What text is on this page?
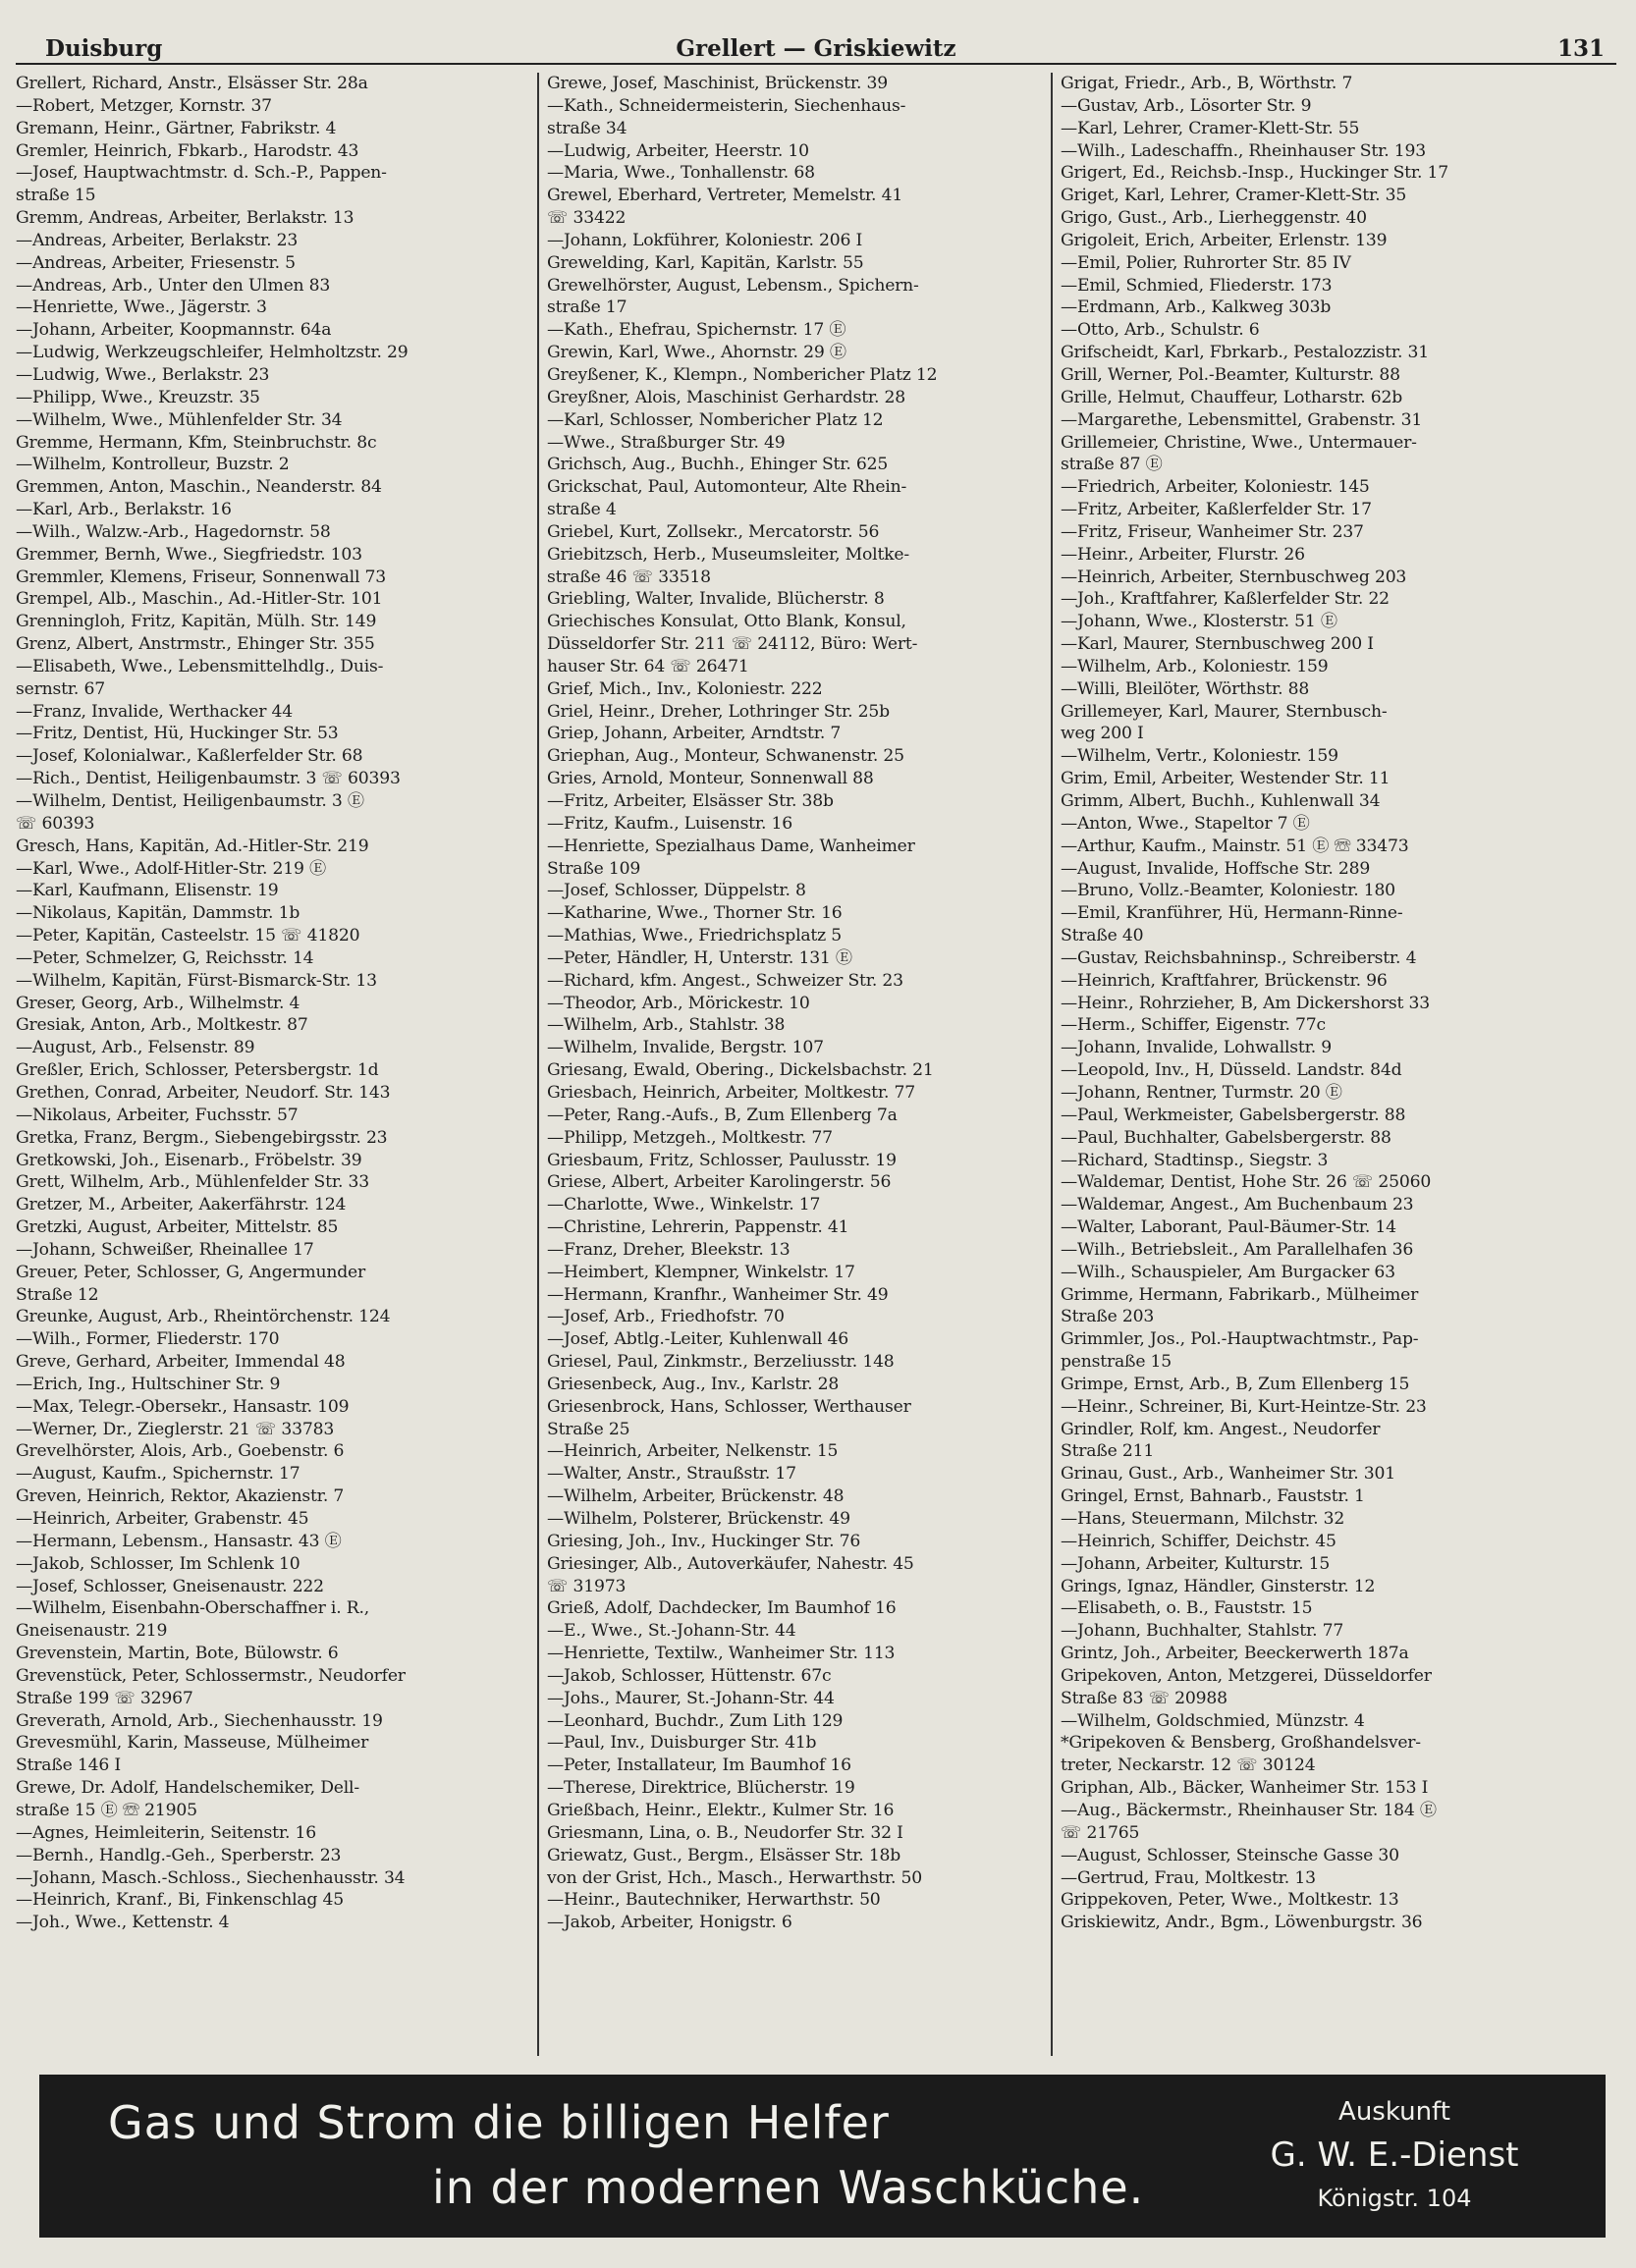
Duisburg	Grellert — Griskiewitz	131
Grellert, Richard, Anstr., Elsässer Str. 28a
—Robert, Metzger, Kornstr. 37
Gremann, Heinr., Gärtner, Fabrikstr. 4
Gremler, Heinrich, Fbkarb., Harodstr. 43
—Josef, Hauptwachtmstr. d. Sch.-P., Pappen-
straße 15
Gremm, Andreas, Arbeiter, Berlakstr. 13
—Andreas, Arbeiter, Berlakstr. 23
—Andreas, Arbeiter, Friesenstr. 5
—Andreas, Arb., Unter den Ulmen 83
—Henriette, Wwe., Jägerstr. 3
—Johann, Arbeiter, Koopmannstr. 64a
—Ludwig, Werkzeugschleifer, Helmholtzstr. 29
—Ludwig, Wwe., Berlakstr. 23
—Philipp, Wwe., Kreuzstr. 35
—Wilhelm, Wwe., Mühlenfelder Str. 34
Gremme, Hermann, Kfm, Steinbruchstr. 8c
—Wilhelm, Kontrolleur, Buzstr. 2
Gremmen, Anton, Maschin., Neanderstr. 84
—Karl, Arb., Berlakstr. 16
—Wilh., Walzw.-Arb., Hagedornstr. 58
Gremmer, Bernh, Wwe., Siegfriedstr. 103
Gremmler, Klemens, Friseur, Sonnenwall 73
Grempel, Alb., Maschin., Ad.-Hitler-Str. 101
Grenningloh, Fritz, Kapitän, Mülh. Str. 149
Grenz, Albert, Anstrmstr., Ehinger Str. 355
—Elisabeth, Wwe., Lebensmittelhdlg., Duis-
sernstr. 67
—Franz, Invalide, Werthacker 44
—Fritz, Dentist, Hü, Huckinger Str. 53
—Josef, Kolonialwar., Kaßlerfelder Str. 68
—Rich., Dentist, Heiligenbaumstr. 3 ☏ 60393
—Wilhelm, Dentist, Heiligenbaumstr. 3 Ⓔ
☏ 60393
Gresch, Hans, Kapitän, Ad.-Hitler-Str. 219
—Karl, Wwe., Adolf-Hitler-Str. 219 Ⓔ
—Karl, Kaufmann, Elisenstr. 19
—Nikolaus, Kapitän, Dammstr. 1b
—Peter, Kapitän, Casteelstr. 15 ☏ 41820
—Peter, Schmelzer, G, Reichsstr. 14
—Wilhelm, Kapitän, Fürst-Bismarck-Str. 13
Greser, Georg, Arb., Wilhelmstr. 4
Gresiak, Anton, Arb., Moltkestr. 87
—August, Arb., Felsenstr. 89
Greßler, Erich, Schlosser, Petersbergstr. 1d
Grethen, Conrad, Arbeiter, Neudorf. Str. 143
—Nikolaus, Arbeiter, Fuchsstr. 57
Gretka, Franz, Bergm., Siebengebirgsstr. 23
Gretkowski, Joh., Eisenarb., Fröbelstr. 39
Grett, Wilhelm, Arb., Mühlenfelder Str. 33
Gretzer, M., Arbeiter, Aakerfährstr. 124
Gretzki, August, Arbeiter, Mittelstr. 85
—Johann, Schweißer, Rheinallee 17
Greuer, Peter, Schlosser, G, Angermunder
Straße 12
Greunke, August, Arb., Rheintörchenstr. 124
—Wilh., Former, Fliederstr. 170
Greve, Gerhard, Arbeiter, Immendal 48
—Erich, Ing., Hultschiner Str. 9
—Max, Telegr.-Obersekr., Hansastr. 109
—Werner, Dr., Zieglerstr. 21 ☏ 33783
Grevelhörster, Alois, Arb., Goebenstr. 6
—August, Kaufm., Spichernstr. 17
Greven, Heinrich, Rektor, Akazienstr. 7
—Heinrich, Arbeiter, Grabenstr. 45
—Hermann, Lebensm., Hansastr. 43 Ⓔ
—Jakob, Schlosser, Im Schlenk 10
—Josef, Schlosser, Gneisenaustr. 222
—Wilhelm, Eisenbahn-Oberschaffner i. R.,
Gneisenaustr. 219
Grevenstein, Martin, Bote, Bülowstr. 6
Grevenstück, Peter, Schlossermstr., Neudorfer
Straße 199 ☏ 32967
Greverath, Arnold, Arb., Siechenhausstr. 19
Grevesmühl, Karin, Masseuse, Mülheimer
Straße 146 I
Grewe, Dr. Adolf, Handelschemiker, Dell-
straße 15 Ⓔ ☏ 21905
—Agnes, Heimleiterin, Seitenstr. 16
—Bernh., Handlg.-Geh., Sperberstr. 23
—Johann, Masch.-Schloss., Siechenhausstr. 34
—Heinrich, Kranf., Bi, Finkenschlag 45
—Joh., Wwe., Kettenstr. 4
Grewe, Josef, Maschinist, Brückenstr. 39
—Kath., Schneidermeisterin, Siechenhaus-
straße 34
—Ludwig, Arbeiter, Heerstr. 10
—Maria, Wwe., Tonhallenstr. 68
Grewel, Eberhard, Vertreter, Memelstr. 41
☏ 33422
—Johann, Lokführer, Koloniestr. 206 I
Grewelding, Karl, Kapitän, Karlstr. 55
Grewelhörster, August, Lebensm., Spichern-
straße 17
—Kath., Ehefrau, Spichernstr. 17 Ⓔ
Grewin, Karl, Wwe., Ahornstr. 29 Ⓔ
Greyßener, K., Klempn., Nombericher Platz 12
Greyßner, Alois, Maschinist Gerhardstr. 28
—Karl, Schlosser, Nombericher Platz 12
—Wwe., Straßburger Str. 49
Grichsch, Aug., Buchh., Ehinger Str. 625
Grickschat, Paul, Automonteur, Alte Rhein-
straße 4
Griebel, Kurt, Zollsekr., Mercatorstr. 56
Griebitzsch, Herb., Museumsleiter, Moltke-
straße 46 ☏ 33518
Griebling, Walter, Invalide, Blücherstr. 8
Griechisches Konsulat, Otto Blank, Konsul,
Düsseldorfer Str. 211 ☏ 24112, Büro: Wert-
hauser Str. 64 ☏ 26471
Grief, Mich., Inv., Koloniestr. 222
Griel, Heinr., Dreher, Lothringer Str. 25b
Griep, Johann, Arbeiter, Arndtstr. 7
Griephan, Aug., Monteur, Schwanenstr. 25
Gries, Arnold, Monteur, Sonnenwall 88
—Fritz, Arbeiter, Elsässer Str. 38b
—Fritz, Kaufm., Luisenstr. 16
—Henriette, Spezialhaus Dame, Wanheimer
Straße 109
—Josef, Schlosser, Düppelstr. 8
—Katharine, Wwe., Thorner Str. 16
—Mathias, Wwe., Friedrichsplatz 5
—Peter, Händler, H, Unterstr. 131 Ⓔ
—Richard, kfm. Angest., Schweizer Str. 23
—Theodor, Arb., Mörickestr. 10
—Wilhelm, Arb., Stahlstr. 38
—Wilhelm, Invalide, Bergstr. 107
Griesang, Ewald, Obering., Dickelsbachstr. 21
Griesbach, Heinrich, Arbeiter, Moltkestr. 77
—Peter, Rang.-Aufs., B, Zum Ellenberg 7a
—Philipp, Metzgeh., Moltkestr. 77
Griesbaum, Fritz, Schlosser, Paulusstr. 19
Griese, Albert, Arbeiter Karolingerstr. 56
—Charlotte, Wwe., Winkelstr. 17
—Christine, Lehrerin, Pappenstr. 41
—Franz, Dreher, Bleekstr. 13
—Heimbert, Klempner, Winkelstr. 17
—Hermann, Kranfhr., Wanheimer Str. 49
—Josef, Arb., Friedhofstr. 70
—Josef, Abtlg.-Leiter, Kuhlenwall 46
Griesel, Paul, Zinkmstr., Berzeliusstr. 148
Griesenbeck, Aug., Inv., Karlstr. 28
Griesenbrock, Hans, Schlosser, Werthauser
Straße 25
—Heinrich, Arbeiter, Nelkenstr. 15
—Walter, Anstr., Straußstr. 17
—Wilhelm, Arbeiter, Brückenstr. 48
—Wilhelm, Polsterer, Brückenstr. 49
Griesing, Joh., Inv., Huckinger Str. 76
Griesinger, Alb., Autoverkäufer, Nahestr. 45
☏ 31973
Grieß, Adolf, Dachdecker, Im Baumhof 16
—E., Wwe., St.-Johann-Str. 44
—Henriette, Textilw., Wanheimer Str. 113
—Jakob, Schlosser, Hüttenstr. 67c
—Johs., Maurer, St.-Johann-Str. 44
—Leonhard, Buchdr., Zum Lith 129
—Paul, Inv., Duisburger Str. 41b
—Peter, Installateur, Im Baumhof 16
—Therese, Direktrice, Blücherstr. 19
Grießbach, Heinr., Elektr., Kulmer Str. 16
Griesmann, Lina, o. B., Neudorfer Str. 32 I
Griewatz, Gust., Bergm., Elsässer Str. 18b
von der Grist, Hch., Masch., Herwarthstr. 50
—Heinr., Bautechniker, Herwarthstr. 50
—Jakob, Arbeiter, Honigstr. 6
Grigat, Friedr., Arb., B, Wörthstr. 7
—Gustav, Arb., Lösorter Str. 9
—Karl, Lehrer, Cramer-Klett-Str. 55
—Wilh., Ladeschaffn., Rheinhauser Str. 193
Grigert, Ed., Reichsb.-Insp., Huckinger Str. 17
Griget, Karl, Lehrer, Cramer-Klett-Str. 35
Grigo, Gust., Arb., Lierheggenstr. 40
Grigoleit, Erich, Arbeiter, Erlenstr. 139
—Emil, Polier, Ruhrorter Str. 85 IV
—Emil, Schmied, Fliederstr. 173
—Erdmann, Arb., Kalkweg 303b
—Otto, Arb., Schulstr. 6
Grifscheidt, Karl, Fbrkarb., Pestalozzistr. 31
Grill, Werner, Pol.-Beamter, Kulturstr. 88
Grille, Helmut, Chauffeur, Lotharstr. 62b
—Margarethe, Lebensmittel, Grabenstr. 31
Grillemeier, Christine, Wwe., Untermauer-
straße 87 Ⓔ
—Friedrich, Arbeiter, Koloniestr. 145
—Fritz, Arbeiter, Kaßlerfelder Str. 17
—Fritz, Friseur, Wanheimer Str. 237
—Heinr., Arbeiter, Flurstr. 26
—Heinrich, Arbeiter, Sternbuschweg 203
—Joh., Kraftfahrer, Kaßlerfelder Str. 22
—Johann, Wwe., Klosterstr. 51 Ⓔ
—Karl, Maurer, Sternbuschweg 200 I
—Wilhelm, Arb., Koloniestr. 159
—Willi, Bleilöter, Wörthstr. 88
Grillemeyer, Karl, Maurer, Sternbusch-
weg 200 I
—Wilhelm, Vertr., Koloniestr. 159
Grim, Emil, Arbeiter, Westender Str. 11
Grimm, Albert, Buchh., Kuhlenwall 34
—Anton, Wwe., Stapeltor 7 Ⓔ
—Arthur, Kaufm., Mainstr. 51 Ⓔ ☏ 33473
—August, Invalide, Hoffsche Str. 289
—Bruno, Vollz.-Beamter, Koloniestr. 180
—Emil, Kranführer, Hü, Hermann-Rinne-
Straße 40
—Gustav, Reichsbahninsp., Schreiberstr. 4
—Heinrich, Kraftfahrer, Brückenstr. 96
—Heinr., Rohrzieher, B, Am Dickershorst 33
—Herm., Schiffer, Eigenstr. 77c
—Johann, Invalide, Lohwallstr. 9
—Leopold, Inv., H, Düsseld. Landstr. 84d
—Johann, Rentner, Turmstr. 20 Ⓔ
—Paul, Werkmeister, Gabelsbergerstr. 88
—Paul, Buchhalter, Gabelsbergerstr. 88
—Richard, Stadtinsp., Siegstr. 3
—Waldemar, Dentist, Hohe Str. 26 ☏ 25060
—Waldemar, Angest., Am Buchenbaum 23
—Walter, Laborant, Paul-Bäumer-Str. 14
—Wilh., Betriebsleit., Am Parallelhafen 36
—Wilh., Schauspieler, Am Burgacker 63
Grimme, Hermann, Fabrikarb., Mülheimer
Straße 203
Grimmler, Jos., Pol.-Hauptwachtmstr., Pap-
penstraße 15
Grimpe, Ernst, Arb., B, Zum Ellenberg 15
—Heinr., Schreiner, Bi, Kurt-Heintze-Str. 23
Grindler, Rolf, km. Angest., Neudorfer
Straße 211
Grinau, Gust., Arb., Wanheimer Str. 301
Gringel, Ernst, Bahnarb., Fauststr. 1
—Hans, Steuermann, Milchstr. 32
—Heinrich, Schiffer, Deichstr. 45
—Johann, Arbeiter, Kulturstr. 15
Grings, Ignaz, Händler, Ginsterstr. 12
—Elisabeth, o. B., Fauststr. 15
—Johann, Buchhalter, Stahlstr. 77
Grintz, Joh., Arbeiter, Beeckerwerth 187a
Gripekoven, Anton, Metzgerei, Düsseldorfer
Straße 83 ☏ 20988
—Wilhelm, Goldschmied, Münzstr. 4
*Gripekoven & Bensberg, Großhandelsver-
treter, Neckarstr. 12 ☏ 30124
Griphan, Alb., Bäcker, Wanheimer Str. 153 I
—Aug., Bäckermstr., Rheinhauser Str. 184 Ⓔ
☏ 21765
—August, Schlosser, Steinsche Gasse 30
—Gertrud, Frau, Moltkestr. 13
Grippekoven, Peter, Wwe., Moltkestr. 13
Griskiewitz, Andr., Bgm., Löwenburgstr. 36
Gas und Strom die billigen Helfer
in der modernen Waschküche.
Auskunft
G. W. E.-Dienst
Königstr. 104
